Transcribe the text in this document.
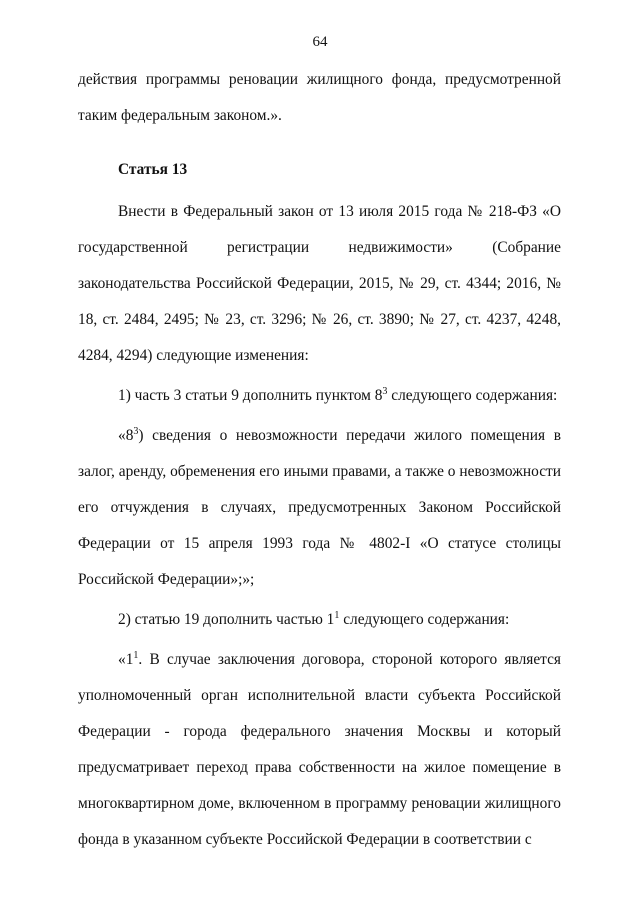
64

действия программы реновации жилищного фонда, предусмотренной таким федеральным законом.».

Статья 13

Внести в Федеральный закон от 13 июля 2015 года № 218-ФЗ «О государственной регистрации недвижимости» (Собрание законодательства Российской Федерации, 2015, № 29, ст. 4344; 2016, № 18, ст. 2484, 2495; № 23, ст. 3296; № 26, ст. 3890; № 27, ст. 4237, 4248, 4284, 4294) следующие изменения:

1) часть 3 статьи 9 дополнить пунктом $8^3$ следующего содержания:

«$8^3$) сведения о невозможности передачи жилого помещения в залог, аренду, обременения его иными правами, а также о невозможности его отчуждения в случаях, предусмотренных Законом Российской Федерации от 15 апреля 1993 года № 4802-I «О статусе столицы Российской Федерации»;»;

2) статью 19 дополнить частью $1^1$ следующего содержания:

«$1^1$. В случае заключения договора, стороной которого является уполномоченный орган исполнительной власти субъекта Российской Федерации - города федерального значения Москвы и который предусматривает переход права собственности на жилое помещение в многоквартирном доме, включенном в программу реновации жилищного фонда в указанном субъекте Российской Федерации в соответствии с
